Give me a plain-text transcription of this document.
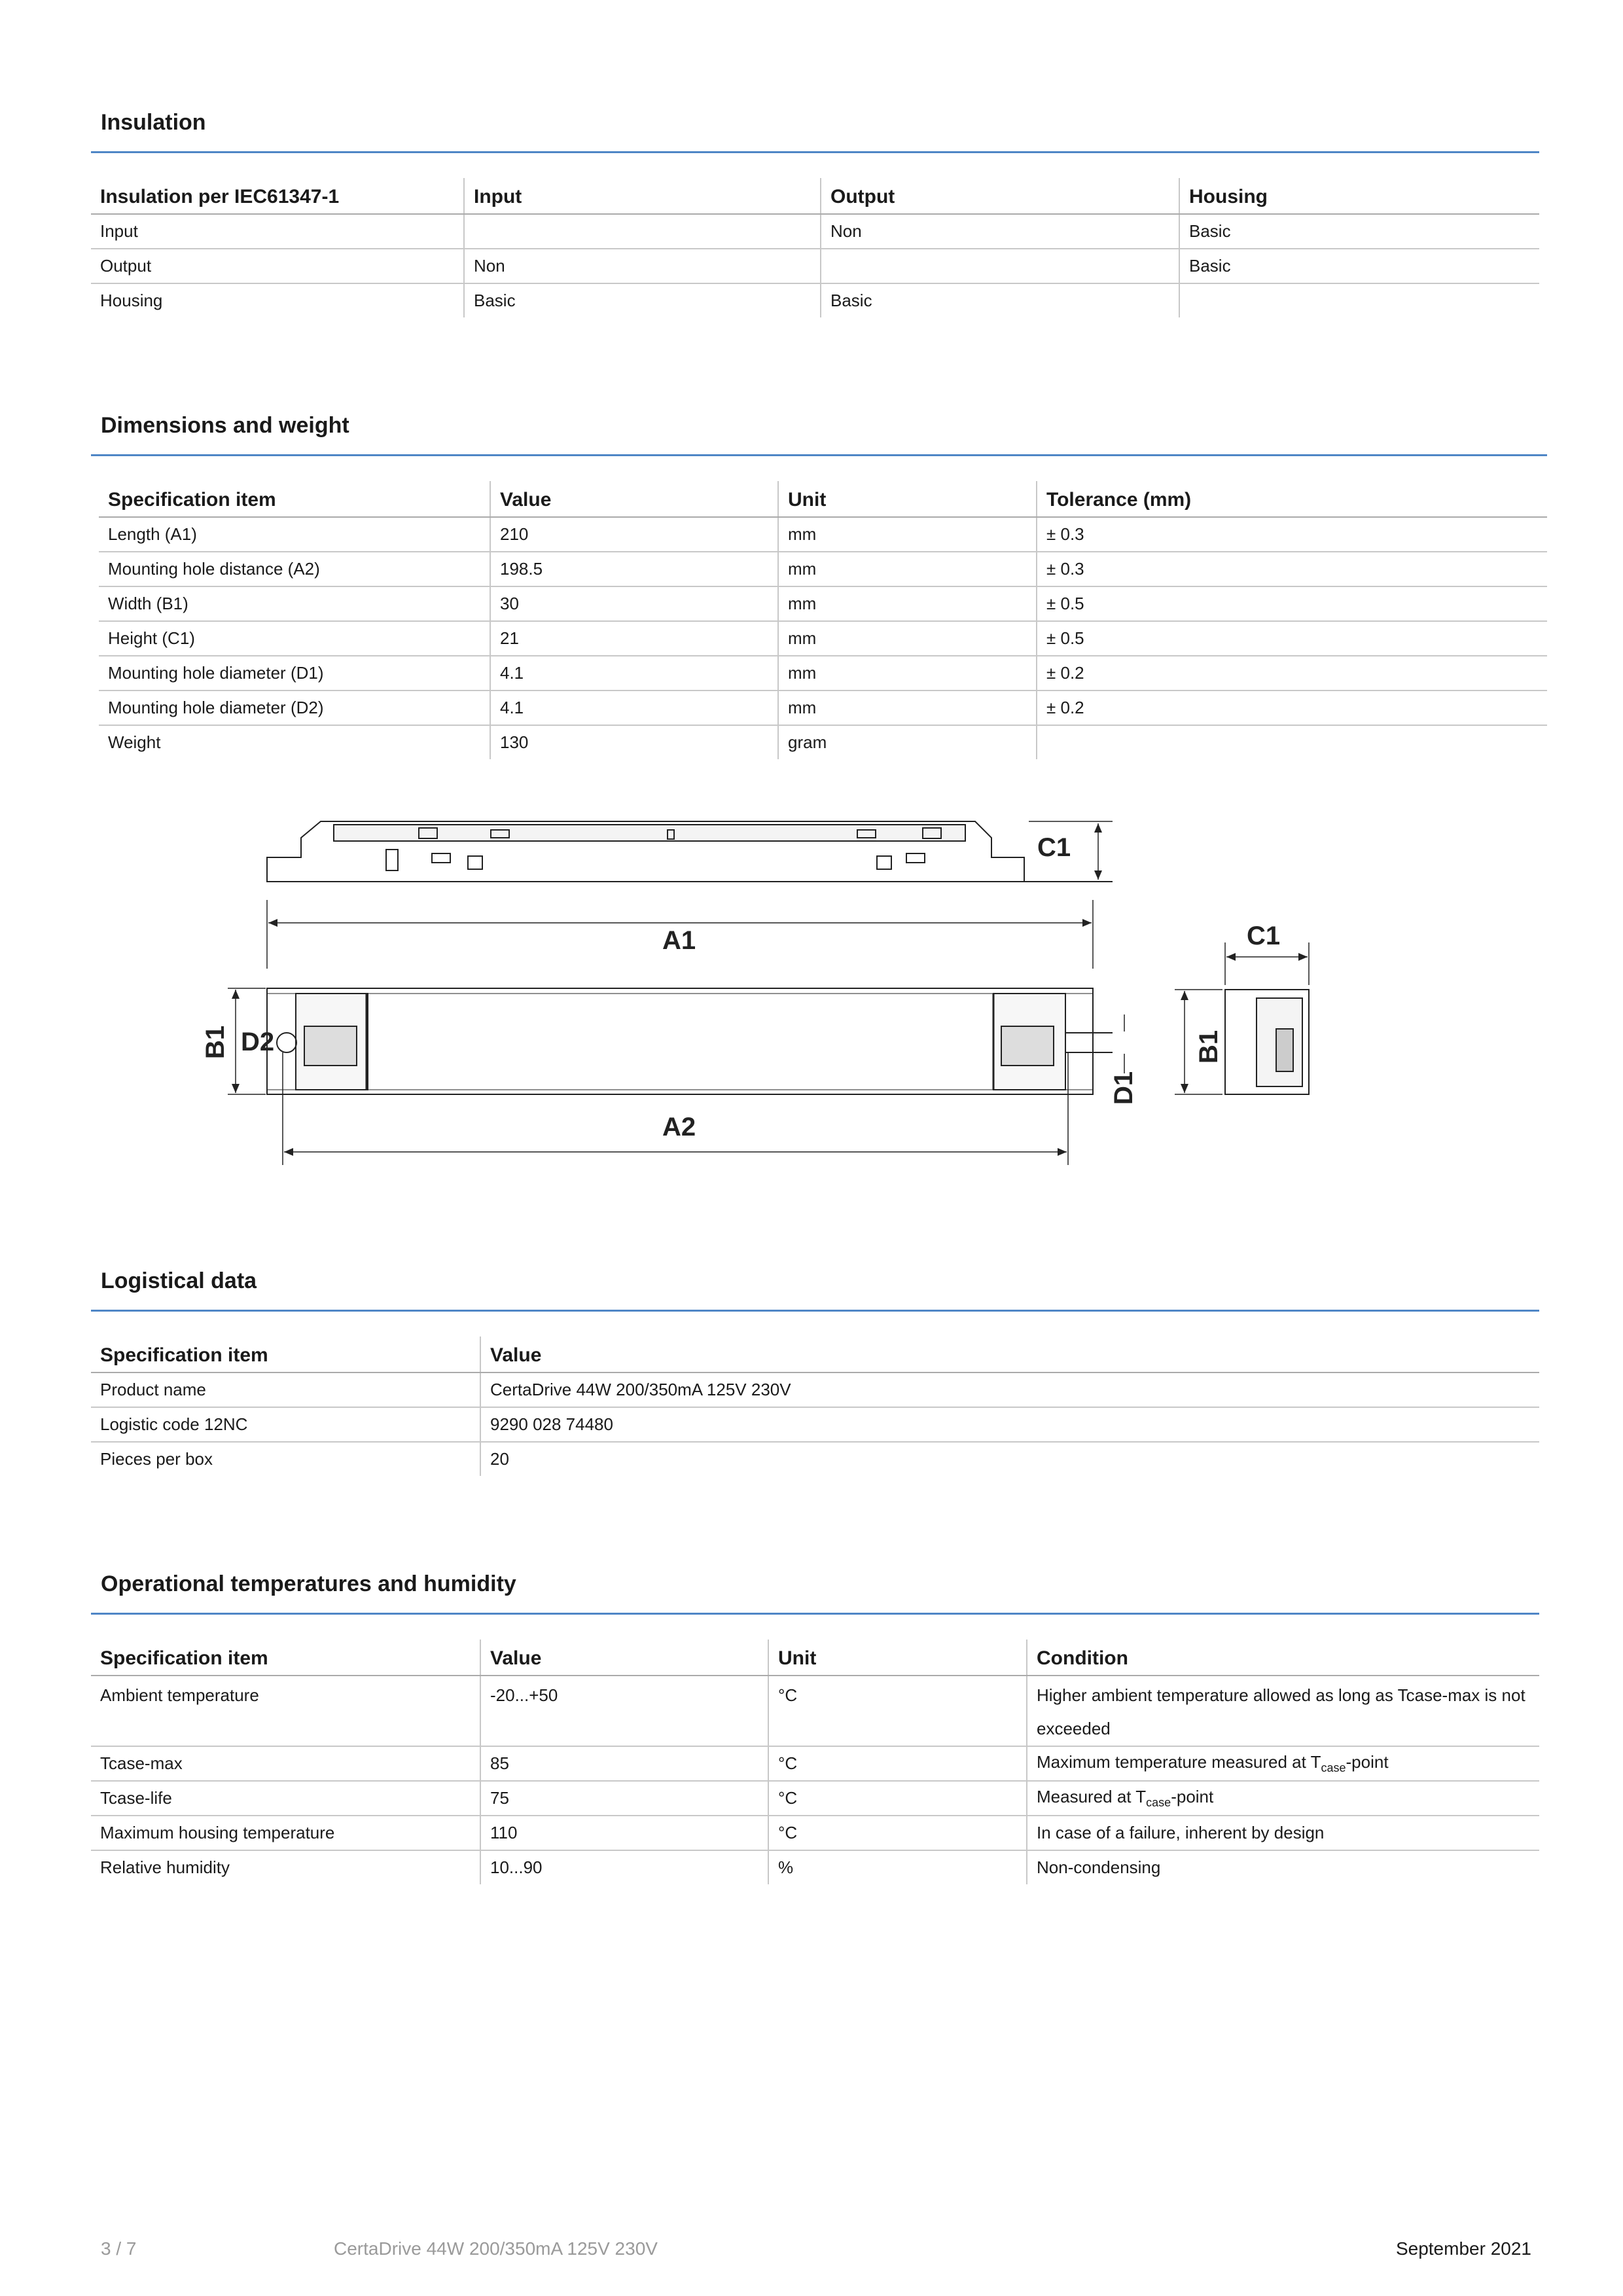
Insulation
Insulation per IEC61347-1	Input	Output	Housing
Input		Non	Basic
Output	Non		Basic
Housing	Basic	Basic	
Dimensions and weight
Specification item	Value	Unit	Tolerance (mm)
Length (A1)	210	mm	± 0.3
Mounting hole distance (A2)	198.5	mm	± 0.3
Width (B1)	30	mm	± 0.5
Height (C1)	21	mm	± 0.5
Mounting hole diameter (D1)	4.1	mm	± 0.2
Mounting hole diameter (D2)	4.1	mm	± 0.2
Weight	130	gram	
C1
A1
B1 D2
D1
A2
C1
B1
Logistical data
Specification item	Value
Product name	CertaDrive 44W 200/350mA 125V 230V
Logistic code 12NC	9290 028 74480
Pieces per box	20
Operational temperatures and humidity
Specification item	Value	Unit	Condition
Ambient temperature	-20...+50	°C	Higher ambient temperature allowed as long as Tcase-max is not exceeded
Tcase-max	85	°C	Maximum temperature measured at $T_{case}$-point
Tcase-life	75	°C	Measured at $T_{case}$-point
Maximum housing temperature	110	°C	In case of a failure, inherent by design
Relative humidity	10...90	%	Non-condensing
3 / 7	CertaDrive 44W 200/350mA 125V 230V	September 2021
